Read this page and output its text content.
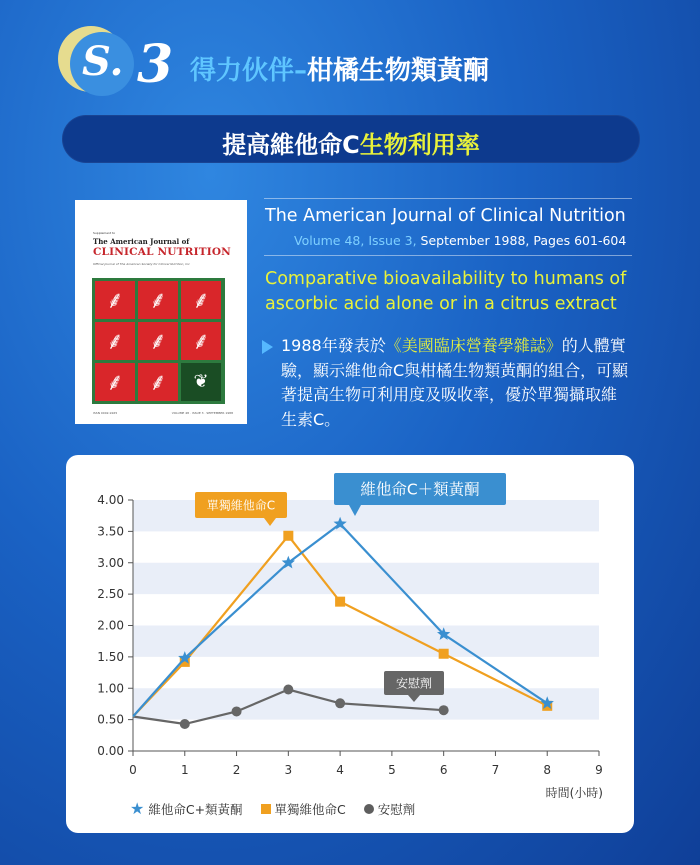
S. 3 得力伙伴–柑橘生物類黃酮
提高維他命C生物利用率
Supplement to
The American Journal of
CLINICAL NUTRITION
Official Journal of The American Society for Clinical Nutrition, Inc
⸙	⸙	⸙
⸙	⸙	⸙
⸙	⸙	❦
ISSN 0002-9165	VOLUME 48 · ISSUE 3 · SEPTEMBER 1988
The American Journal of Clinical Nutrition
Volume 48, Issue 3, September 1988, Pages 601-604
Comparative bioavailability to humans of ascorbic acid alone or in a citrus extract
1988年發表於《美國臨床營養學雜誌》的人體實驗，顯示維他命C與柑橘生物類黃酮的組合，可顯著提高生物可利用度及吸收率，優於單獨攝取維生素C。
0.00
0.50
1.00
1.50
2.00
2.50
3.00
3.50
4.00
0	1	2	3	4	5	6	7	8	9
時間(小時)
單獨維他命C
維他命C＋類黃酮
安慰劑
★ 維他命C+類黃酮	單獨維他命C	安慰劑
